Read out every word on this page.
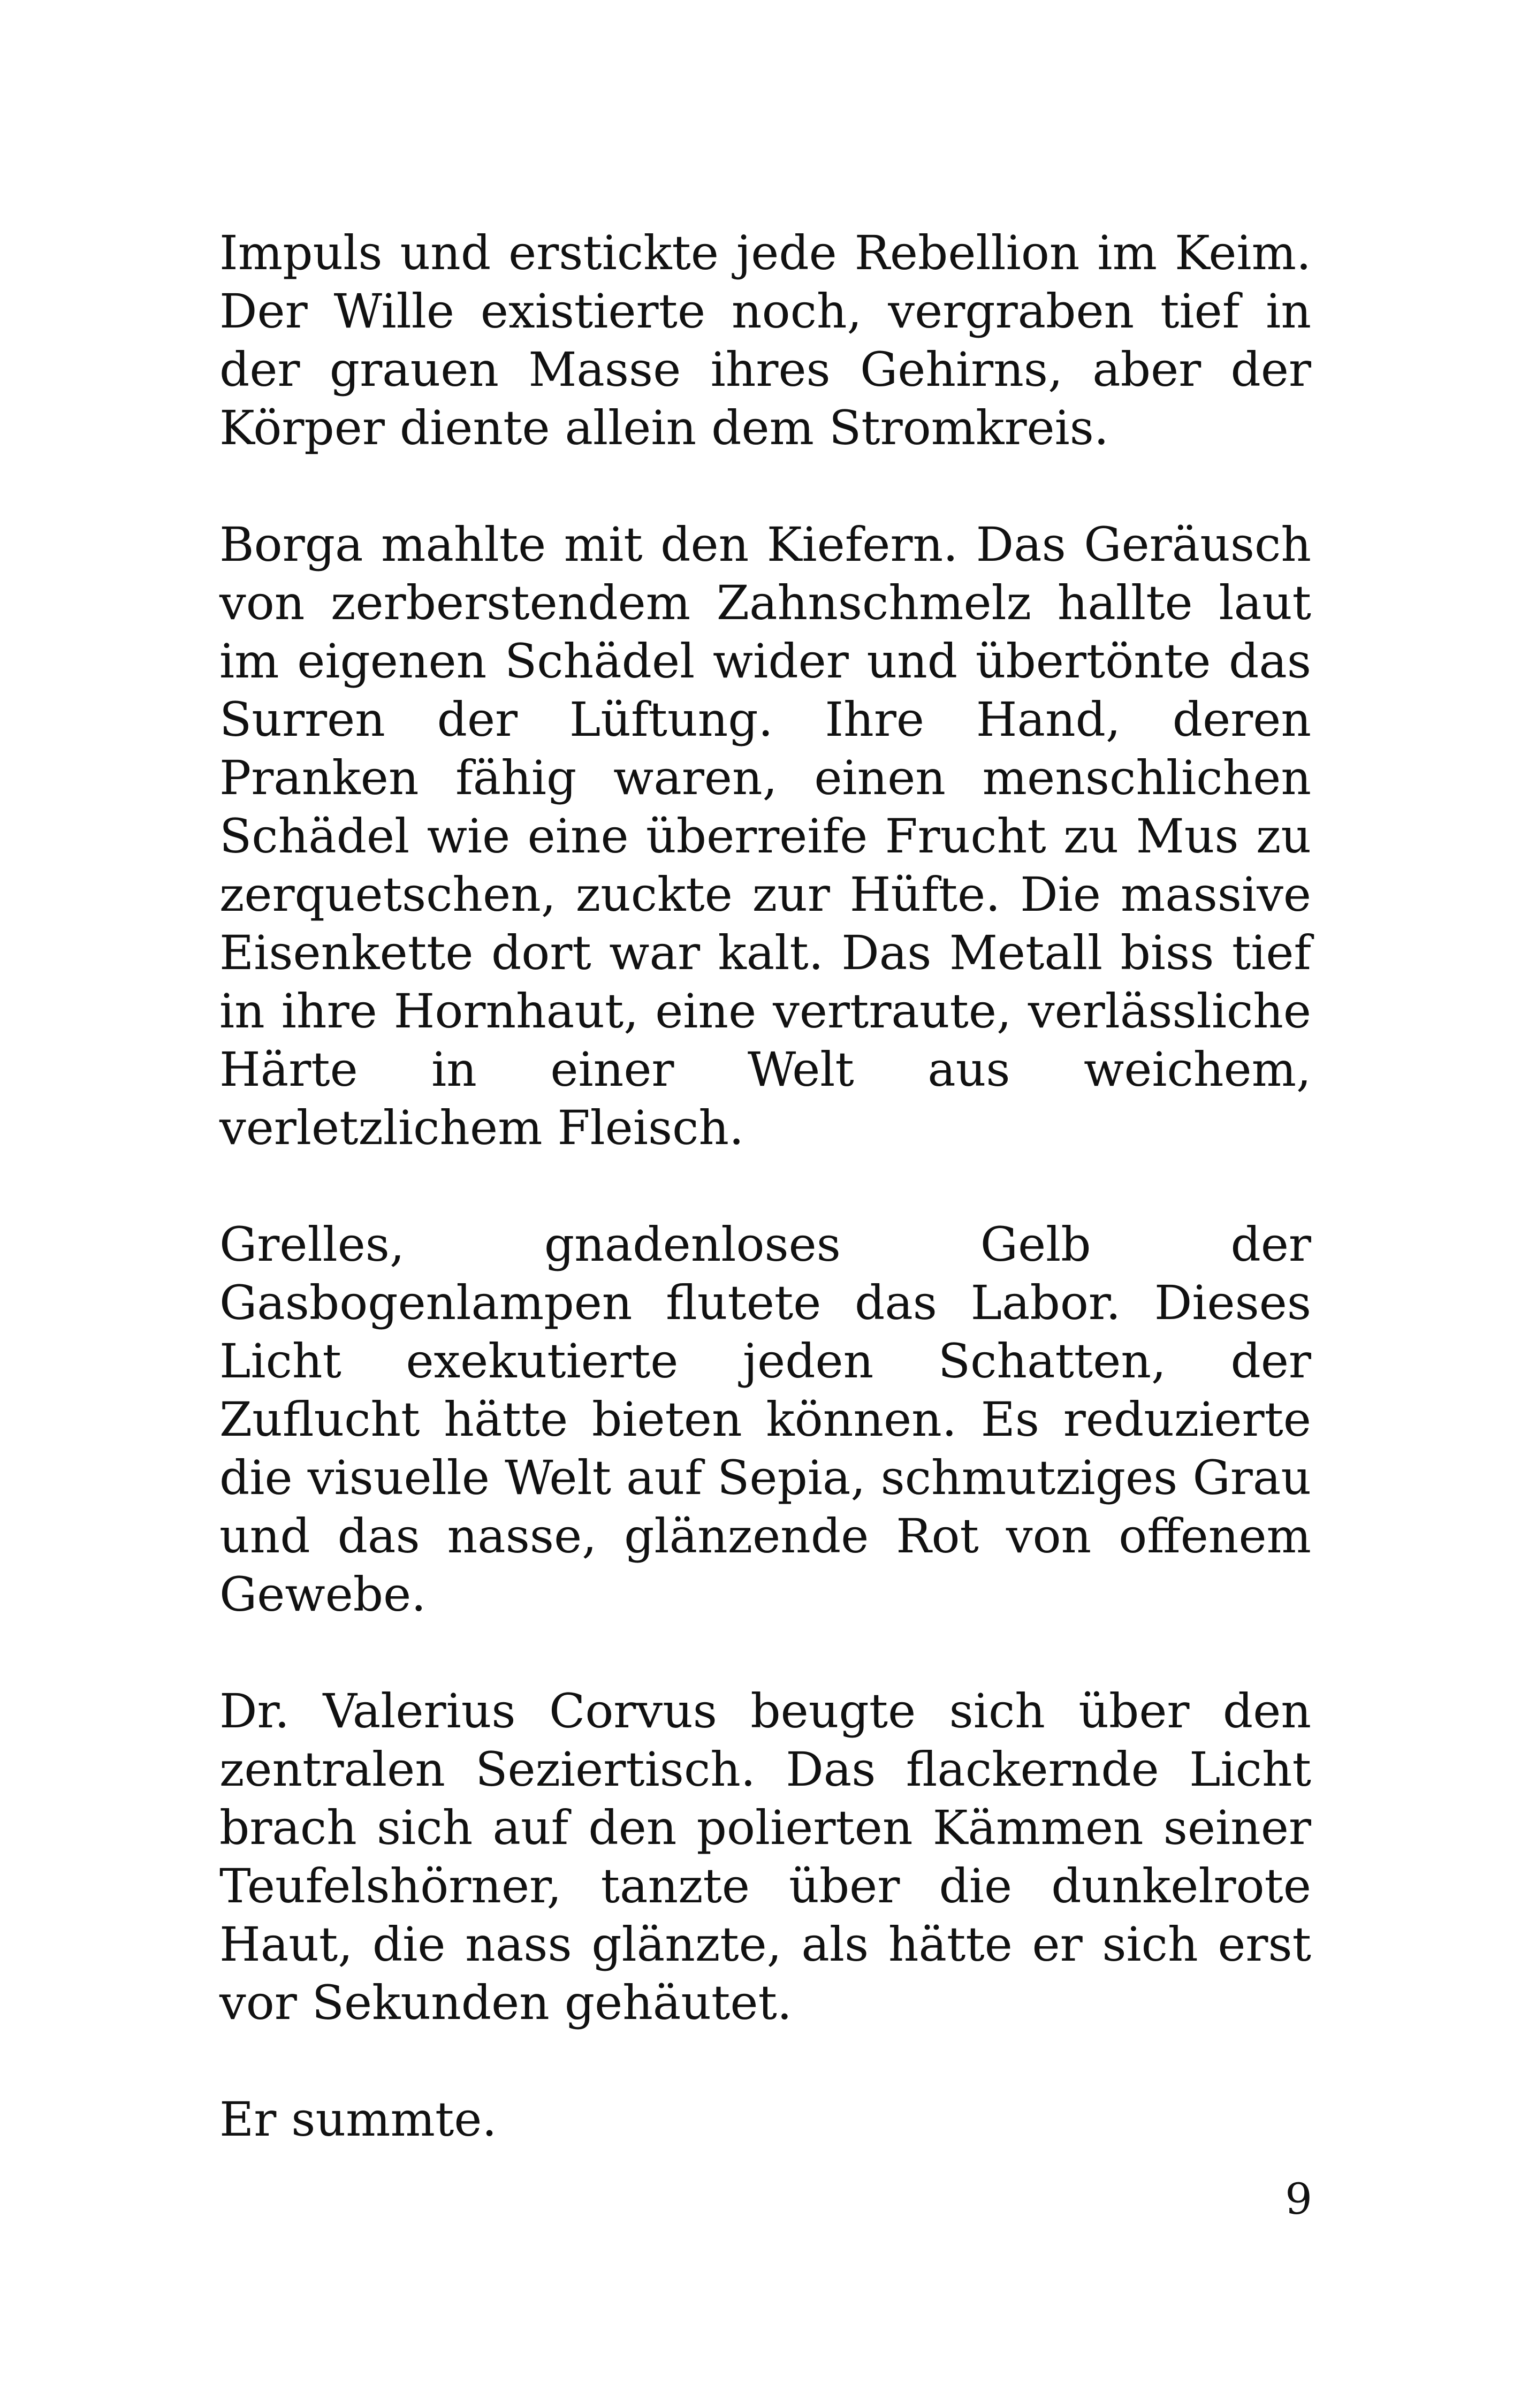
Impuls und erstickte jede Rebellion im Keim. Der Wille existierte noch, vergraben tief in der grauen Masse ihres Gehirns, aber der Körper diente allein dem Stromkreis.

Borga mahlte mit den Kiefern. Das Geräusch von zerberstendem Zahnschmelz hallte laut im eigenen Schädel wider und übertönte das Surren der Lüftung. Ihre Hand, deren Pranken fähig waren, einen menschlichen Schädel wie eine überreife Frucht zu Mus zu zerquetschen, zuckte zur Hüfte. Die massive Eisenkette dort war kalt. Das Metall biss tief in ihre Hornhaut, eine vertraute, verlässliche Härte in einer Welt aus weichem, verletzlichem Fleisch.

Grelles, gnadenloses Gelb der Gasbogenlampen flutete das Labor. Dieses Licht exekutierte jeden Schatten, der Zuflucht hätte bieten können. Es reduzierte die visuelle Welt auf Sepia, schmutziges Grau und das nasse, glänzende Rot von offenem Gewebe.

Dr. Valerius Corvus beugte sich über den zentralen Seziertisch. Das flackernde Licht brach sich auf den polierten Kämmen seiner Teufelshörner, tanzte über die dunkelrote Haut, die nass glänzte, als hätte er sich erst vor Sekunden gehäutet.

Er summte.

9
